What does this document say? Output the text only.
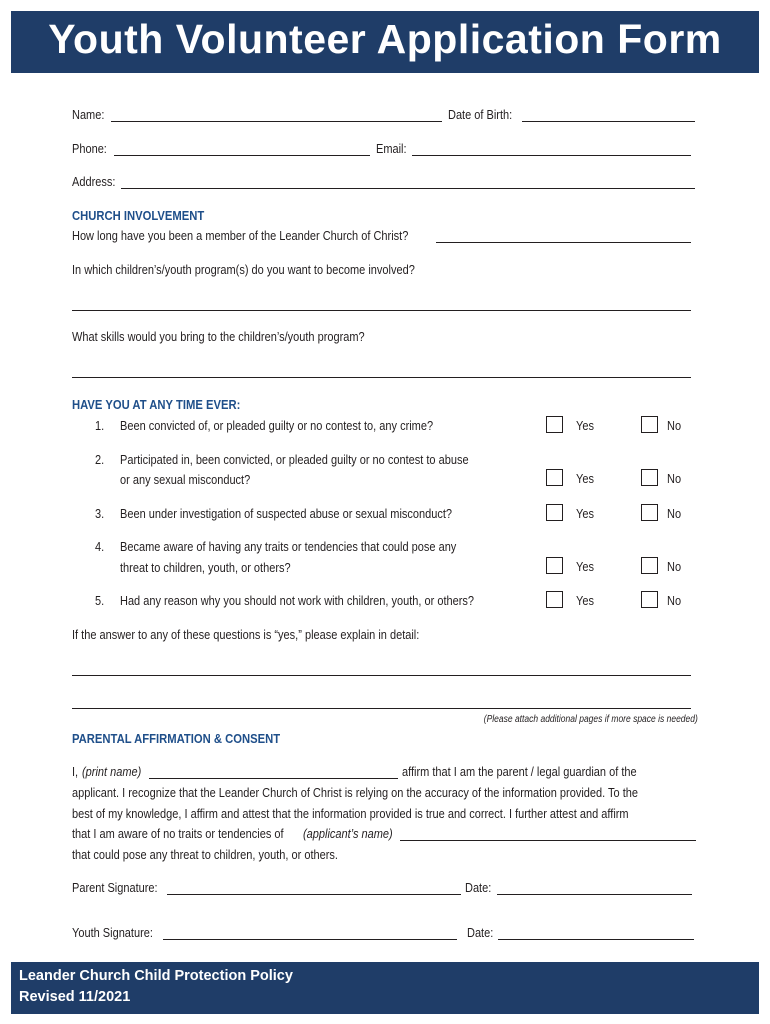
Youth Volunteer Application Form
Name:	Date of Birth:
Phone:	Email:
Address:
CHURCH INVOLVEMENT
How long have you been a member of the Leander Church of Christ?
In which children’s/youth program(s) do you want to become involved?
What skills would you bring to the children’s/youth program?
HAVE YOU AT ANY TIME EVER:
1. Been convicted of, or pleaded guilty or no contest to, any crime?	Yes	No
2. Participated in, been convicted, or pleaded guilty or no contest to abuse
or any sexual misconduct?	Yes	No
3. Been under investigation of suspected abuse or sexual misconduct?	Yes	No
4. Became aware of having any traits or tendencies that could pose any
threat to children, youth, or others?	Yes	No
5. Had any reason why you should not work with children, youth, or others?	Yes	No
If the answer to any of these questions is “yes,” please explain in detail:
(Please attach additional pages if more space is needed)
PARENTAL AFFIRMATION & CONSENT
I, (print name)	affirm that I am the parent / legal guardian of the
applicant. I recognize that the Leander Church of Christ is relying on the accuracy of the information provided. To the
best of my knowledge, I affirm and attest that the information provided is true and correct. I further attest and affirm
that I am aware of no traits or tendencies of (applicant’s name)
that could pose any threat to children, youth, or others.
Parent Signature:	Date:
Youth Signature:	Date:
Leander Church Child Protection Policy
Revised 11/2021
